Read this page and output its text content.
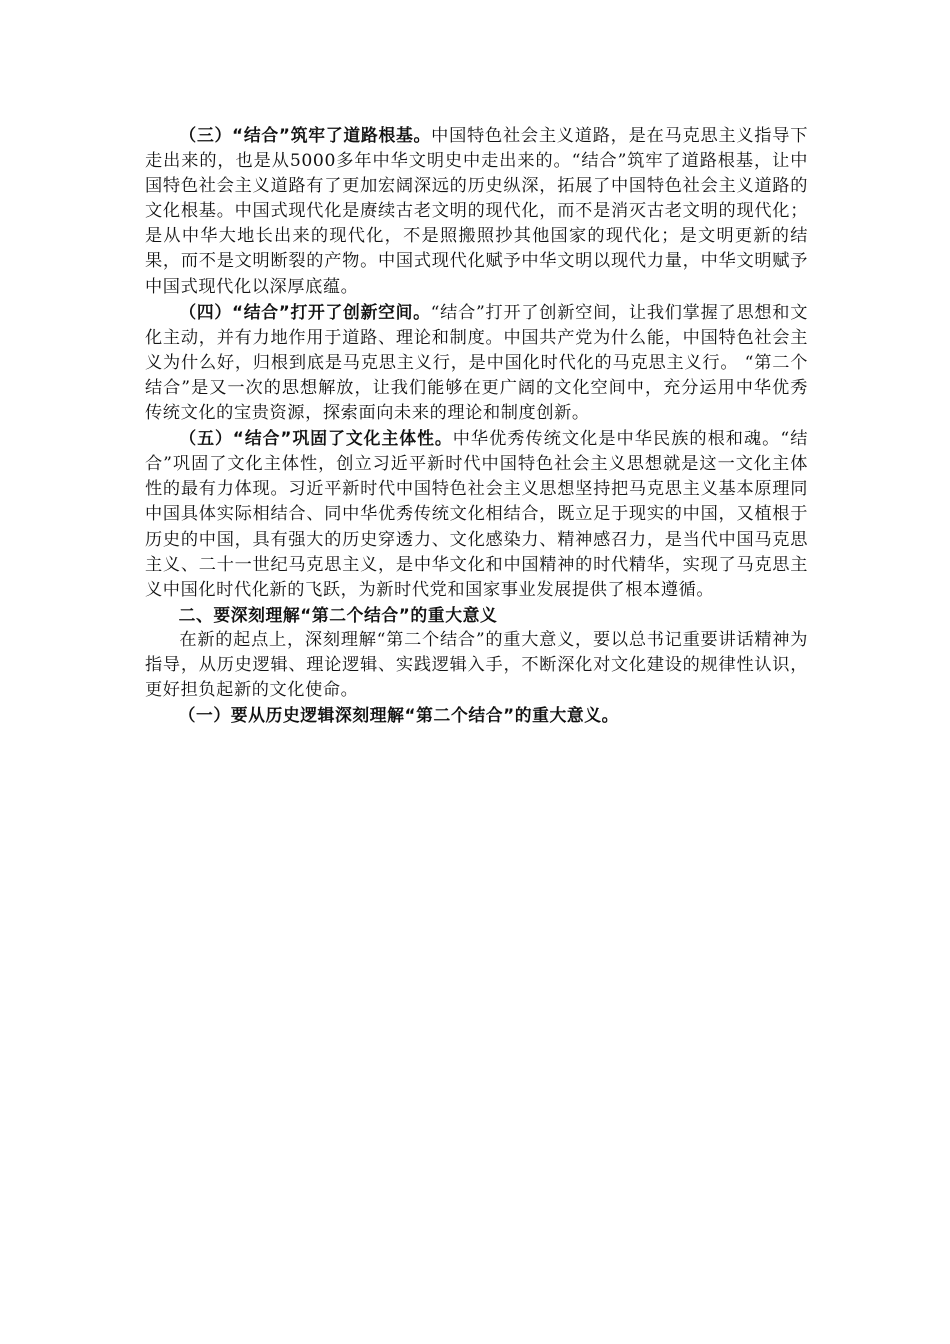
（三）“结合”筑牢了道路根基。中国特色社会主义道路，是在马克思主义指导下走出来的，也是从5000多年中华文明史中走出来的。“结合”筑牢了道路根基，让中国特色社会主义道路有了更加宏阔深远的历史纵深，拓展了中国特色社会主义道路的文化根基。中国式现代化是赓续古老文明的现代化，而不是消灭古老文明的现代化；是从中华大地长出来的现代化，不是照搬照抄其他国家的现代化；是文明更新的结果，而不是文明断裂的产物。中国式现代化赋予中华文明以现代力量，中华文明赋予中国式现代化以深厚底蕴。

（四）“结合”打开了创新空间。“结合”打开了创新空间，让我们掌握了思想和文化主动，并有力地作用于道路、理论和制度。中国共产党为什么能，中国特色社会主义为什么好，归根到底是马克思主义行，是中国化时代化的马克思主义行。 “第二个结合”是又一次的思想解放，让我们能够在更广阔的文化空间中，充分运用中华优秀传统文化的宝贵资源，探索面向未来的理论和制度创新。

（五）“结合”巩固了文化主体性。中华优秀传统文化是中华民族的根和魂。“结合”巩固了文化主体性，创立习近平新时代中国特色社会主义思想就是这一文化主体性的最有力体现。习近平新时代中国特色社会主义思想坚持把马克思主义基本原理同中国具体实际相结合、同中华优秀传统文化相结合，既立足于现实的中国，又植根于历史的中国，具有强大的历史穿透力、文化感染力、精神感召力，是当代中国马克思主义、二十一世纪马克思主义，是中华文化和中国精神的时代精华，实现了马克思主义中国化时代化新的飞跃，为新时代党和国家事业发展提供了根本遵循。

二、要深刻理解“第二个结合”的重大意义

在新的起点上，深刻理解“第二个结合”的重大意义，要以总书记重要讲话精神为指导，从历史逻辑、理论逻辑、实践逻辑入手，不断深化对文化建设的规律性认识，更好担负起新的文化使命。

（一）要从历史逻辑深刻理解“第二个结合”的重大意义。
